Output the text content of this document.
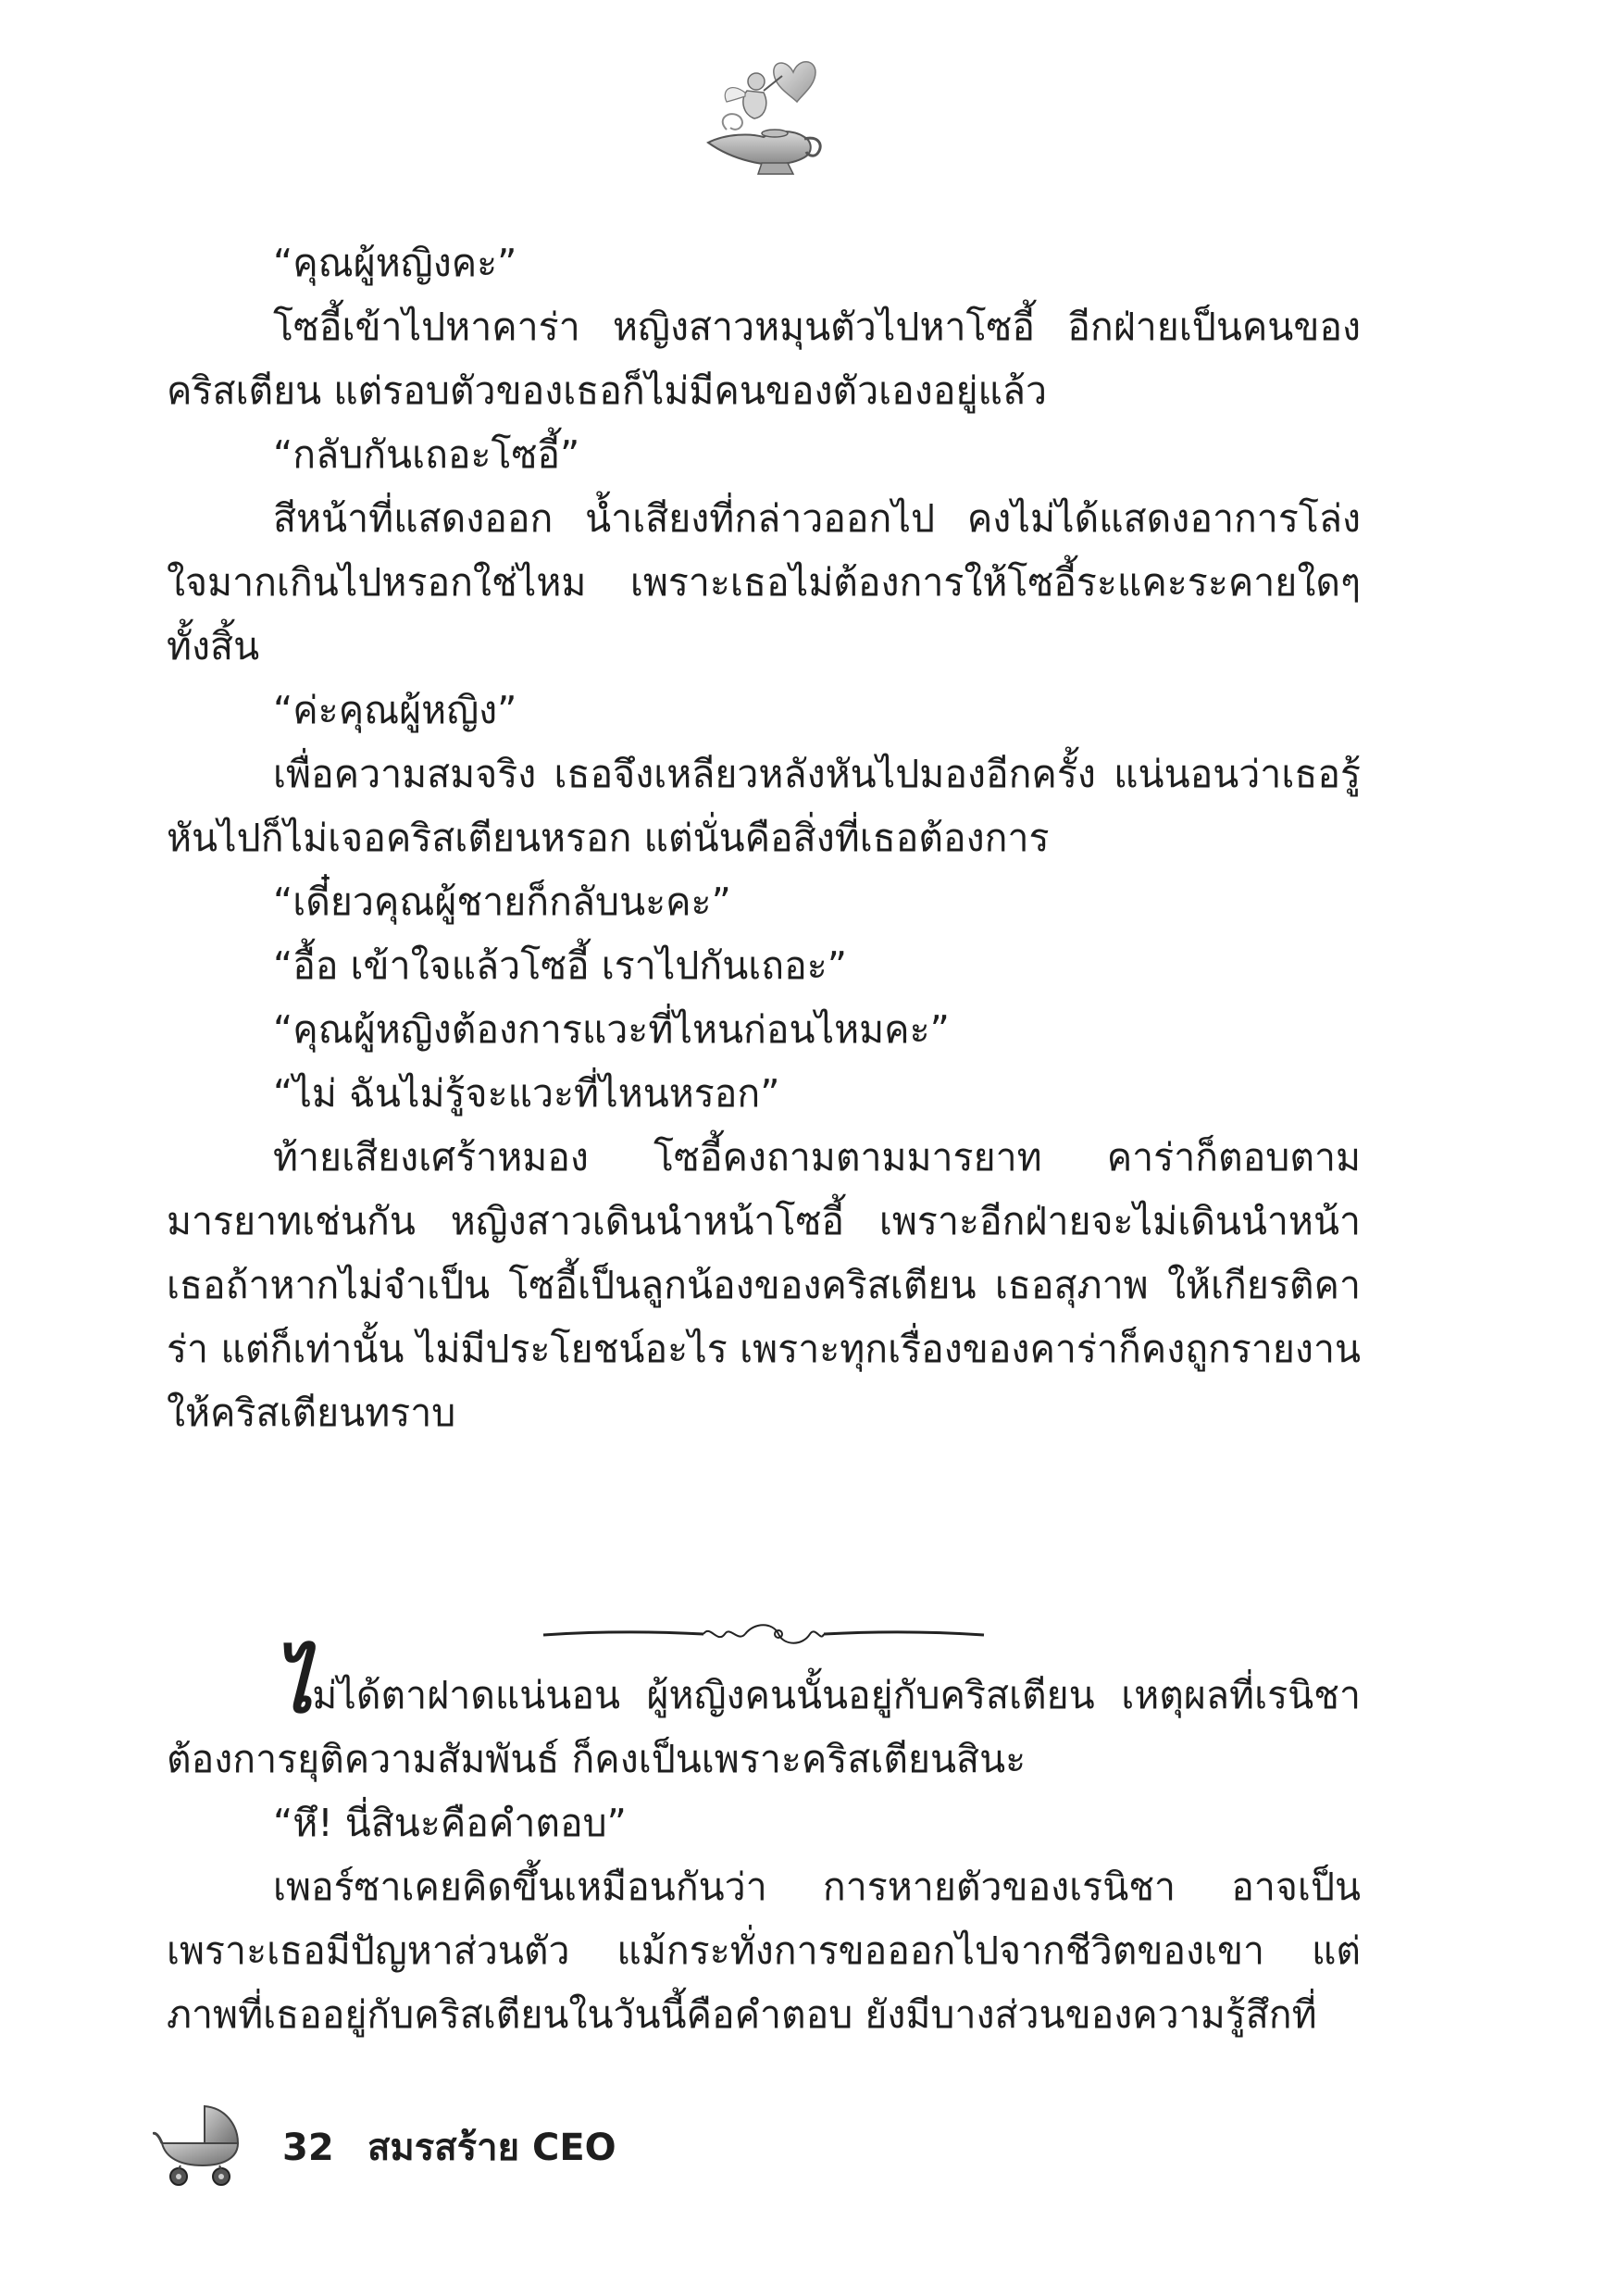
“คุณผู้หญิงคะ”

โซอี้เข้าไปหาคาร่า หญิงสาวหมุนตัวไปหาโซอี้ อีกฝ่ายเป็นคนของคริสเตียน แต่รอบตัวของเธอก็ไม่มีคนของตัวเองอยู่แล้ว

“กลับกันเถอะโซอี้”

สีหน้าที่แสดงออก น้ำเสียงที่กล่าวออกไป คงไม่ได้แสดงอาการโล่งใจมากเกินไปหรอกใช่ไหม เพราะเธอไม่ต้องการให้โซอี้ระแคะระคายใดๆ ทั้งสิ้น

“ค่ะคุณผู้หญิง”

เพื่อความสมจริง เธอจึงเหลียวหลังหันไปมองอีกครั้ง แน่นอนว่าเธอรู้ หันไปก็ไม่เจอคริสเตียนหรอก แต่นั่นคือสิ่งที่เธอต้องการ

“เดี๋ยวคุณผู้ชายก็กลับนะคะ”

“อื้อ เข้าใจแล้วโซอี้ เราไปกันเถอะ”

“คุณผู้หญิงต้องการแวะที่ไหนก่อนไหมคะ”

“ไม่ ฉันไม่รู้จะแวะที่ไหนหรอก”

ท้ายเสียงเศร้าหมอง โซอี้คงถามตามมารยาท คาร่าก็ตอบตามมารยาทเช่นกัน หญิงสาวเดินนำหน้าโซอี้ เพราะอีกฝ่ายจะไม่เดินนำหน้าเธอถ้าหากไม่จำเป็น โซอี้เป็นลูกน้องของคริสเตียน เธอสุภาพ ให้เกียรติคาร่า แต่ก็เท่านั้น ไม่มีประโยชน์อะไร เพราะทุกเรื่องของคาร่าก็คงถูกรายงานให้คริสเตียนทราบ

ไม่ได้ตาฝาดแน่นอน ผู้หญิงคนนั้นอยู่กับคริสเตียน เหตุผลที่เรนิชาต้องการยุติความสัมพันธ์ ก็คงเป็นเพราะคริสเตียนสินะ

“หึ! นี่สินะคือคำตอบ”

เพอร์ซาเคยคิดขึ้นเหมือนกันว่า การหายตัวของเรนิชา อาจเป็นเพราะเธอมีปัญหาส่วนตัว แม้กระทั่งการขอออกไปจากชีวิตของเขา แต่ภาพที่เธออยู่กับคริสเตียนในวันนี้คือคำตอบ ยังมีบางส่วนของความรู้สึกที่

32 สมรสร้าย CEO
